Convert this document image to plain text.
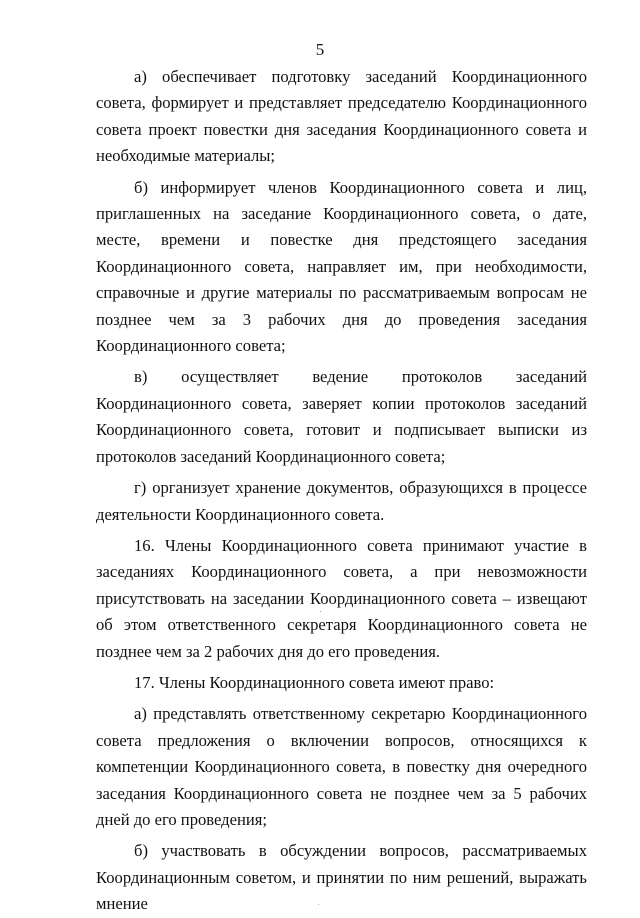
5

а) обеспечивает подготовку заседаний Координационного совета, формирует и представляет председателю Координационного совета проект повестки дня заседания Координационного совета и необходимые материалы;

б) информирует членов Координационного совета и лиц, приглашенных на заседание Координационного совета, о дате, месте, времени и повестке дня предстоящего заседания Координационного совета, направляет им, при необходимости, справочные и другие материалы по рассматриваемым вопросам не позднее чем за 3 рабочих дня до проведения заседания Координационного совета;

в) осуществляет ведение протоколов заседаний Координационного совета, заверяет копии протоколов заседаний Координационного совета, готовит и подписывает выписки из протоколов заседаний Координационного совета;

г) организует хранение документов, образующихся в процессе деятельности Координационного совета.

16. Члены Координационного совета принимают участие в заседаниях Координационного совета, а при невозможности присутствовать на заседании Координационного совета – извещают об этом ответственного секретаря Координационного совета не позднее чем за 2 рабочих дня до его проведения.

17. Члены Координационного совета имеют право:

а) представлять ответственному секретарю Координационного совета предложения о включении вопросов, относящихся к компетенции Координационного совета, в повестку дня очередного заседания Координационного совета не позднее чем за 5 рабочих дней до его проведения;

б) участвовать в обсуждении вопросов, рассматриваемых Координационным советом, и принятии по ним решений, выражать мнение
